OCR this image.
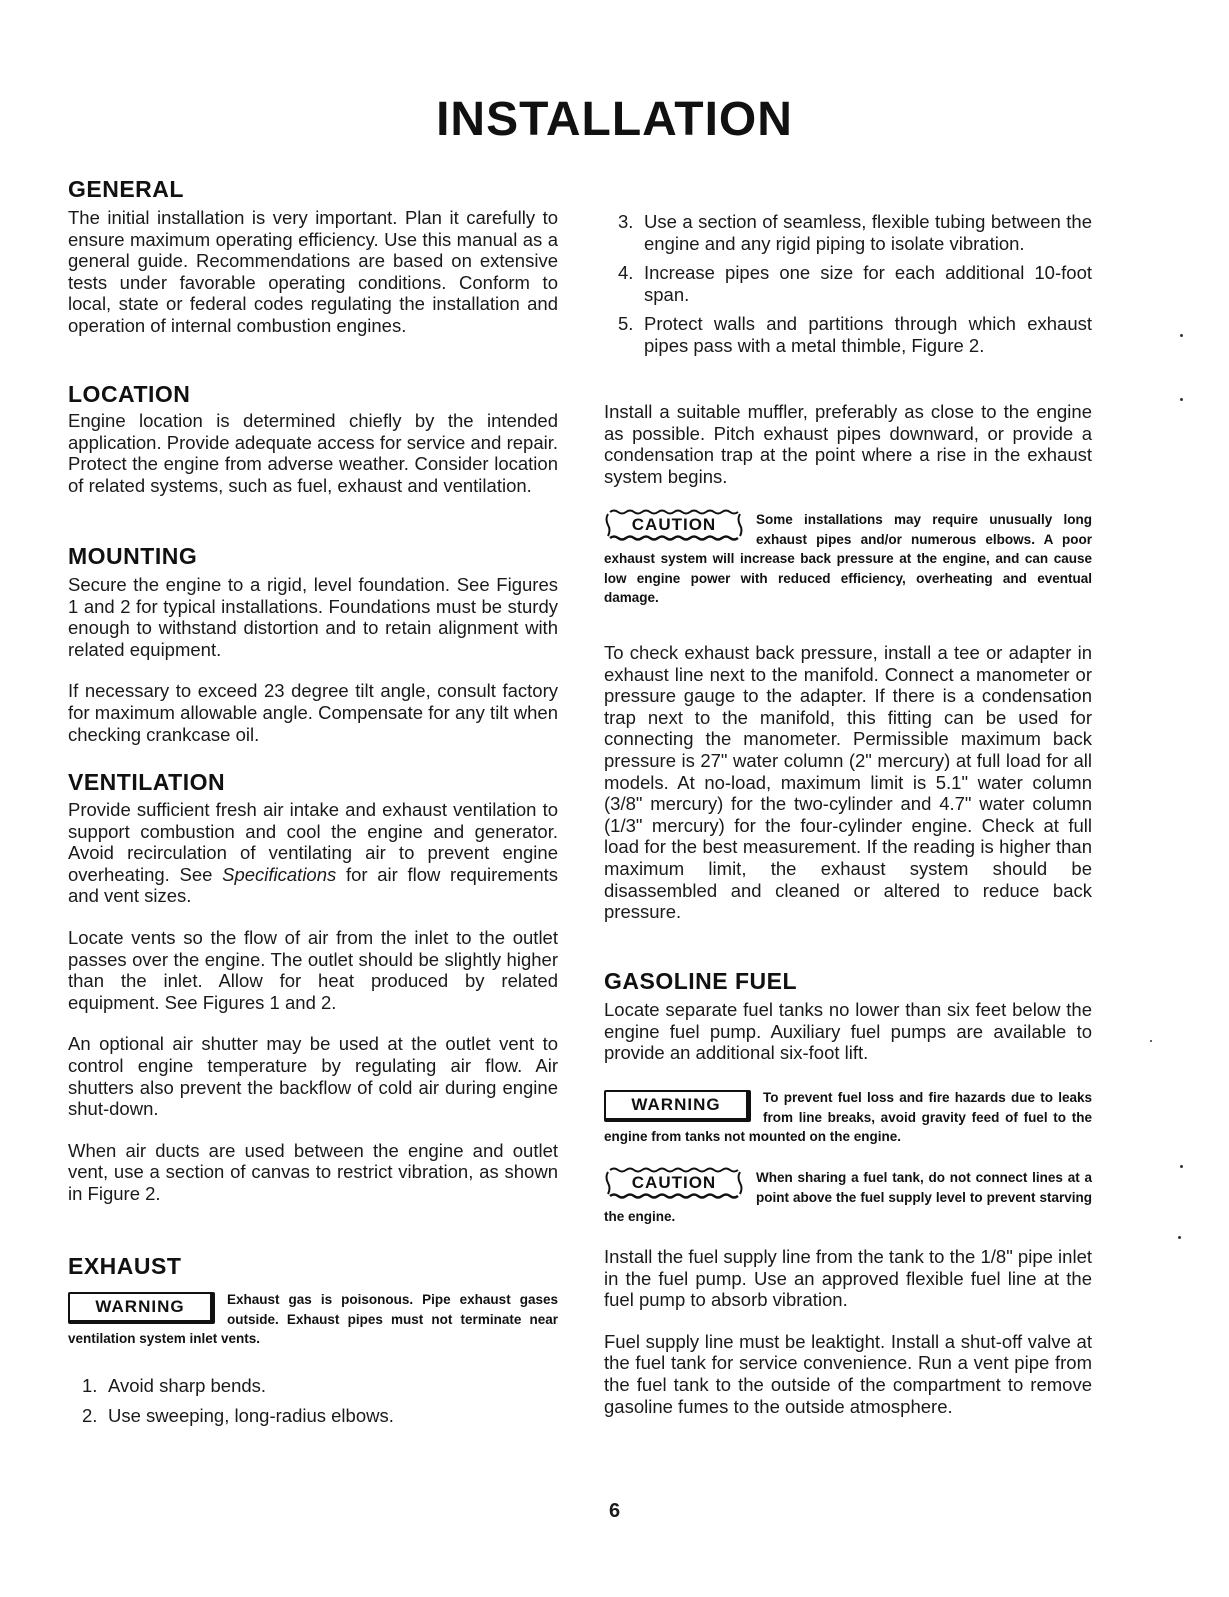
INSTALLATION
GENERAL

The initial installation is very important. Plan it carefully to ensure maximum operating efficiency. Use this manual as a general guide. Recommendations are based on extensive tests under favorable operating conditions. Conform to local, state or federal codes regulating the installation and operation of internal combustion engines.

LOCATION

Engine location is determined chiefly by the intended application. Provide adequate access for service and repair. Protect the engine from adverse weather. Consider location of related systems, such as fuel, exhaust and ventilation.

MOUNTING

Secure the engine to a rigid, level foundation. See Figures 1 and 2 for typical installations. Foundations must be sturdy enough to withstand distortion and to retain alignment with related equipment.

If necessary to exceed 23 degree tilt angle, consult factory for maximum allowable angle. Compensate for any tilt when checking crankcase oil.

VENTILATION

Provide sufficient fresh air intake and exhaust ventilation to support combustion and cool the engine and generator. Avoid recirculation of ventilating air to prevent engine overheating. See Specifications for air flow requirements and vent sizes.

Locate vents so the flow of air from the inlet to the outlet passes over the engine. The outlet should be slightly higher than the inlet. Allow for heat produced by related equipment. See Figures 1 and 2.

An optional air shutter may be used at the outlet vent to control engine temperature by regulating air flow. Air shutters also prevent the backflow of cold air during engine shut-down.

When air ducts are used between the engine and outlet vent, use a section of canvas to restrict vibration, as shown in Figure 2.

EXHAUST
WARNING	Exhaust gas is poisonous. Pipe exhaust gases outside. Exhaust pipes must not terminate near ventilation system inlet vents.
1. Avoid sharp bends.
2. Use sweeping, long-radius elbows.
3. Use a section of seamless, flexible tubing between the engine and any rigid piping to isolate vibration.
4. Increase pipes one size for each additional 10-foot span.
5. Protect walls and partitions through which exhaust pipes pass with a metal thimble, Figure 2.

Install a suitable muffler, preferably as close to the engine as possible. Pitch exhaust pipes downward, or provide a condensation trap at the point where a rise in the exhaust system begins.

CAUTION	Some installations may require unusually long exhaust pipes and/or numerous elbows. A poor exhaust system will increase back pressure at the engine, and can cause low engine power with reduced efficiency, overheating and eventual damage.

To check exhaust back pressure, install a tee or adapter in exhaust line next to the manifold. Connect a manometer or pressure gauge to the adapter. If there is a condensation trap next to the manifold, this fitting can be used for connecting the manometer. Permissible maximum back pressure is 27" water column (2" mercury) at full load for all models. At no-load, maximum limit is 5.1" water column (3/8" mercury) for the two-cylinder and 4.7" water column (1/3" mercury) for the four-cylinder engine. Check at full load for the best measurement. If the reading is higher than maximum limit, the exhaust system should be disassembled and cleaned or altered to reduce back pressure.

GASOLINE FUEL

Locate separate fuel tanks no lower than six feet below the engine fuel pump. Auxiliary fuel pumps are available to provide an additional six-foot lift.

WARNING	To prevent fuel loss and fire hazards due to leaks from line breaks, avoid gravity feed of fuel to the engine from tanks not mounted on the engine.
CAUTION	When sharing a fuel tank, do not connect lines at a point above the fuel supply level to prevent starving the engine.

Install the fuel supply line from the tank to the 1/8" pipe inlet in the fuel pump. Use an approved flexible fuel line at the fuel pump to absorb vibration.

Fuel supply line must be leaktight. Install a shut-off valve at the fuel tank for service convenience. Run a vent pipe from the fuel tank to the outside of the compartment to remove gasoline fumes to the outside atmosphere.

6
